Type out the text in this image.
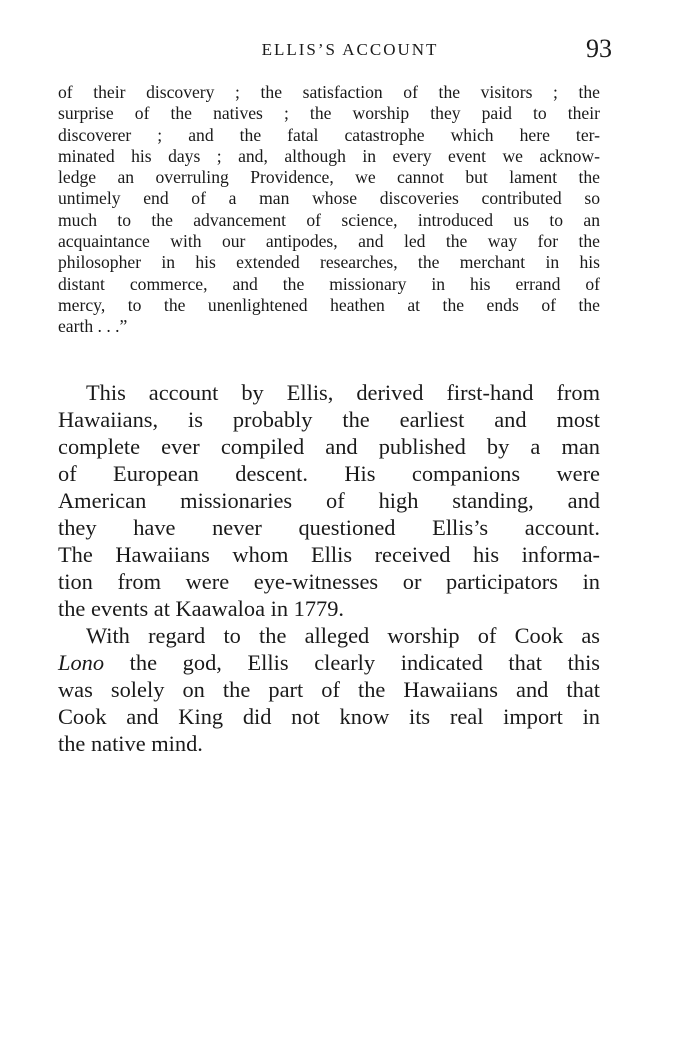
ELLIS’S ACCOUNT	93
of their discovery ; the satisfaction of the visitors ; the
surprise of the natives ; the worship they paid to their
discoverer ; and the fatal catastrophe which here ter-
minated his days ; and, although in every event we acknow-
ledge an overruling Providence, we cannot but lament the
untimely end of a man whose discoveries contributed so
much to the advancement of science, introduced us to an
acquaintance with our antipodes, and led the way for the
philosopher in his extended researches, the merchant in his
distant commerce, and the missionary in his errand of
mercy, to the unenlightened heathen at the ends of the
earth . . .”
This account by Ellis, derived first-hand from
Hawaiians, is probably the earliest and most
complete ever compiled and published by a man
of European descent. His companions were
American missionaries of high standing, and
they have never questioned Ellis’s account.
The Hawaiians whom Ellis received his informa-
tion from were eye-witnesses or participators in
the events at Kaawaloa in 1779.
With regard to the alleged worship of Cook as
Lono the god, Ellis clearly indicated that this
was solely on the part of the Hawaiians and that
Cook and King did not know its real import in
the native mind.
